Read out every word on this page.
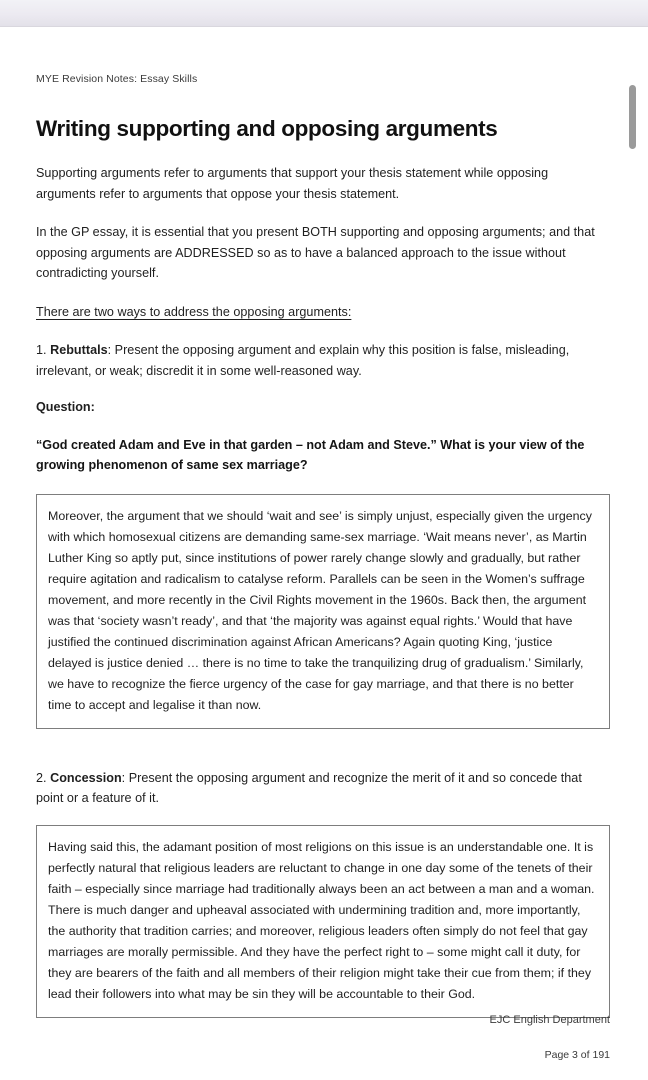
MYE Revision Notes: Essay Skills

Writing supporting and opposing arguments

Supporting arguments refer to arguments that support your thesis statement while opposing arguments refer to arguments that oppose your thesis statement.

In the GP essay, it is essential that you present BOTH supporting and opposing arguments; and that opposing arguments are ADDRESSED so as to have a balanced approach to the issue without contradicting yourself.

There are two ways to address the opposing arguments:

1. Rebuttals: Present the opposing argument and explain why this position is false, misleading, irrelevant, or weak; discredit it in some well-reasoned way.

Question:

“God created Adam and Eve in that garden – not Adam and Steve.” What is your view of the growing phenomenon of same sex marriage?

Moreover, the argument that we should ‘wait and see’ is simply unjust, especially given the urgency with which homosexual citizens are demanding same-sex marriage. ‘Wait means never’, as Martin Luther King so aptly put, since institutions of power rarely change slowly and gradually, but rather require agitation and radicalism to catalyse reform. Parallels can be seen in the Women’s suffrage movement, and more recently in the Civil Rights movement in the 1960s. Back then, the argument was that ‘society wasn’t ready’, and that ‘the majority was against equal rights.’ Would that have justified the continued discrimination against African Americans? Again quoting King, ‘justice delayed is justice denied … there is no time to take the tranquilizing drug of gradualism.’ Similarly, we have to recognize the fierce urgency of the case for gay marriage, and that there is no better time to accept and legalise it than now.

2. Concession: Present the opposing argument and recognize the merit of it and so concede that point or a feature of it.

Having said this, the adamant position of most religions on this issue is an understandable one. It is perfectly natural that religious leaders are reluctant to change in one day some of the tenets of their faith – especially since marriage had traditionally always been an act between a man and a woman. There is much danger and upheaval associated with undermining tradition and, more importantly, the authority that tradition carries; and moreover, religious leaders often simply do not feel that gay marriages are morally permissible. And they have the perfect right to – some might call it duty, for they are bearers of the faith and all members of their religion might take their cue from them; if they lead their followers into what may be sin they will be accountable to their God.

EJC English Department

Page 3 of 191
